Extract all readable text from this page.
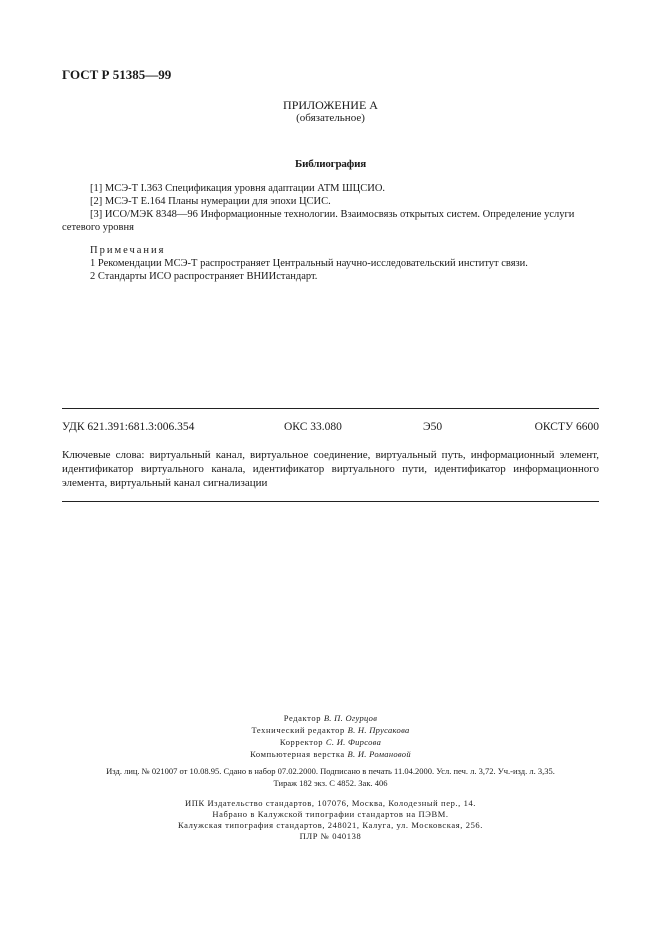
ГОСТ Р 51385—99
ПРИЛОЖЕНИЕ А
(обязательное)
Библиография
[1] МСЭ-Т I.363 Спецификация уровня адаптации АТМ ШЦСИО.
[2] МСЭ-Т Е.164 Планы нумерации для эпохи ЦСИС.
[3] ИСО/МЭК 8348—96 Информационные технологии. Взаимосвязь открытых систем. Определение услуги сетевого уровня
Примечания
1 Рекомендации МСЭ-Т распространяет Центральный научно-исследовательский институт связи.
2 Стандарты ИСО распространяет ВНИИстандарт.
УДК 621.391:681.3:006.354	ОКС 33.080	Э50	ОКСТУ 6600
Ключевые слова: виртуальный канал, виртуальное соединение, виртуальный путь, информационный элемент, идентификатор виртуального канала, идентификатор виртуального пути, идентификатор информационного элемента, виртуальный канал сигнализации
Редактор В. П. Огурцов
Технический редактор В. Н. Прусакова
Корректор С. И. Фирсова
Компьютерная верстка В. И. Романовой
Изд. лиц. № 021007 от 10.08.95. Сдано в набор 07.02.2000. Подписано в печать 11.04.2000. Усл. печ. л. 3,72. Уч.-изд. л. 3,35.
Тираж 182 экз. С 4852. Зак. 406
ИПК Издательство стандартов, 107076, Москва, Колодезный пер., 14.
Набрано в Калужской типографии стандартов на ПЭВМ.
Калужская типография стандартов, 248021, Калуга, ул. Московская, 256.
ПЛР № 040138
